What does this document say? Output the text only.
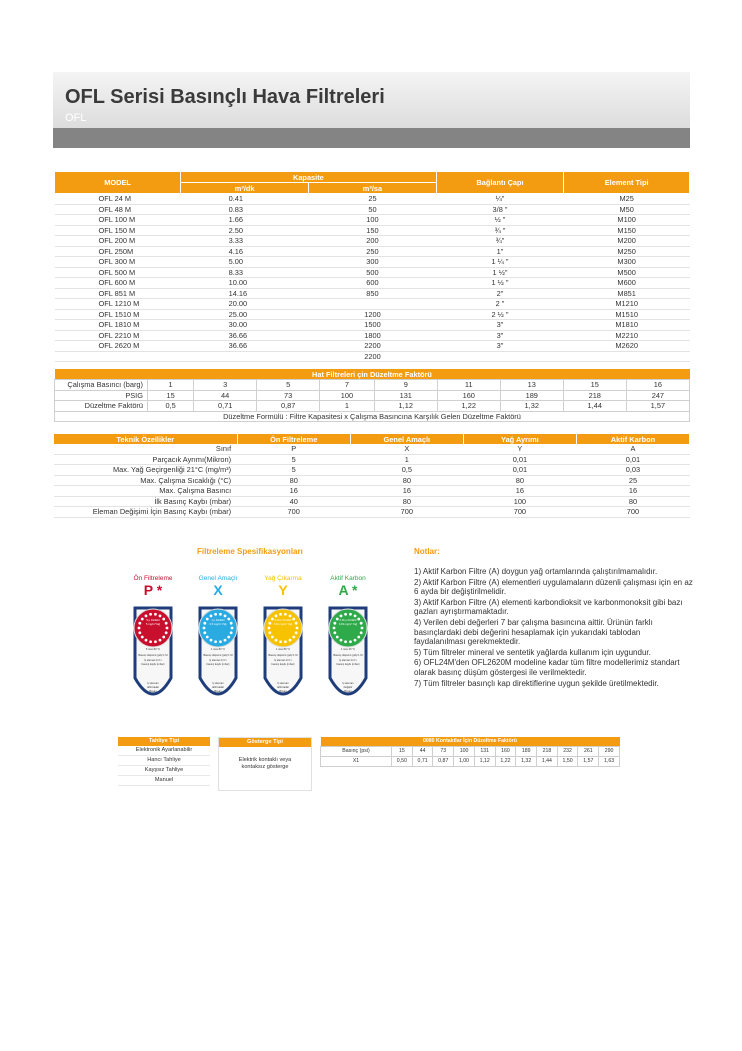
OFL Serisi Basınçlı Hava Filtreleri
OFL
MODEL	Kapasite		Bağlantı Çapı	Element Tipi
	m³/dk	m³/sa		
OFL 24 M	0.41	25	¼"	M25
OFL 48 M	0.83	50	3/8 "	M50
OFL 100 M	1.66	100	½ "	M100
OFL 150 M	2.50	150	¾ "	M150
OFL 200 M	3.33	200	¾"	M200
OFL 250M	4.16	250	1"	M250
OFL 300 M	5.00	300	1 ¼ "	M300
OFL 500 M	8.33	500	1 ½"	M500
OFL 600 M	10.00	600	1 ½ "	M600
OFL 851 M	14.16	850	2"	M851
OFL 1210 M	20.00		2 "	M1210
OFL 1510 M	25.00	1200	2 ½ "	M1510
OFL 1810 M	30.00	1500	3"	M1810
OFL 2210 M	36.66	1800	3"	M2210
OFL 2620 M	36.66	2200	3"	M2620
		2200		
Hat Filtreleri çin Düzeltme Faktörü									
Çalışma Basıncı (barg)	1	3	5	7	9	11	13	15	16
PSIG	15	44	73	100	131	160	189	218	247
Düzeltme Faktörü	0,5	0,71	0,87	1	1,12	1,22	1,32	1,44	1,57
Düzeltme Formülü : Filtre Kapasitesi x Çalışma Basıncına Karşılık Gelen Düzeltme Faktörü									
Teknik Özellikler	Ön Filtreleme	Genel Amaçlı	Yağ Ayrımı	Aktif Karbon
Sınıf	P	X	Y	A
Parçacık Ayrımı(Mikron)	5	1	0,01	0,01
Max. Yağ Geçirgenliği 21°C (mg/m³)	5	0,5	0,01	0,03
Max. Çalışma Sıcaklığı (°C)	80	80	80	25
Max. Çalışma Basıncı	16	16	16	16
İlk Basınç Kaybı (mbar)	40	80	100	80
Eleman Değişimi İçin Basınç Kaybı (mbar)	700	700	700	700
Filtreleme Spesifikasyonları
Ön Filtreleme
P *
5 μ Partikül
5 mg/m³Yağ
5 max 80 °C
Basınç düşümü (pd)/ 1 M
İç eleman 0,3 ×
basınç kaybı (mbar)
İç eleman
tahli kadar
Boyan
Genel Amaçlı
X
1 μ Partikül
0,5 mg/m³ Yağ
1 max 80 °C
Basınç düşümü (pd)/ 1 M
İç eleman 0,3 ×
basınç kaybı (mbar)
İç eleman
tahli kadar
Boyan
Yağ Çıkarma
Y
0,01 μ Partikül
0,01 mg/m³ Yağ
1 max 80 °C
Basınç düşümü (pd)/ 1 M
İç eleman 0,3 ×
basınç kaybı (mbar)
İç eleman
tahli kadar
Boyan
Aktif Karbon
A *
0,01 μ Partikül
0,03 mg/m³ Yağ
1 max 25 °C
Basınç düşümü (pd)/ 1 M
İç eleman 0,3 ×
basınç kaybı (mbar)
İç eleman
Değiştir
Boyan
Notlar:

1) Aktif Karbon Filtre (A) doygun yağ ortamlarında çalıştırılmamalıdır.

2) Aktif Karbon Filtre (A) elementleri uygulamaların düzenli çalışması için en az 6 ayda bir değiştirilmelidir.

3) Aktif Karbon Filtre (A) elementi karbondioksit ve karbonmonoksit gibi bazı gazları ayrıştırmamaktadır.

4) Verilen debi değerleri 7 bar çalışma basıncına aittir. Ürünün farklı basınçlardaki debi değerini hesaplamak için yukarıdaki tablodan faydalanılması gerekmektedir.

5) Tüm filtreler mineral ve sentetik yağlarda kullanım için uygundur.

6) OFL24M'den OFL2620M modeline kadar tüm filtre modellerimiz standart olarak basınç düşüm göstergesi ile verilmektedir.

7) Tüm filtreler basınçlı kap direktiflerine uygun şekilde üretilmektedir.

Tahliye Tipi
Elektronik Ayarlanabilir
Hancı Tahliye
Kayşsız Tahliye
Manuel
Gösterge Tipi
Elektrik kontaklı veya kontaksız gösterge
0080 Kontaktlar İçin Düzeltme Faktörü											
Basınç (psi)	15	44	73	100	131	160	189	218	232	261	290
X1	0,50	0,71	0,87	1,00	1,12	1,22	1,32	1,44	1,50	1,57	1,63
